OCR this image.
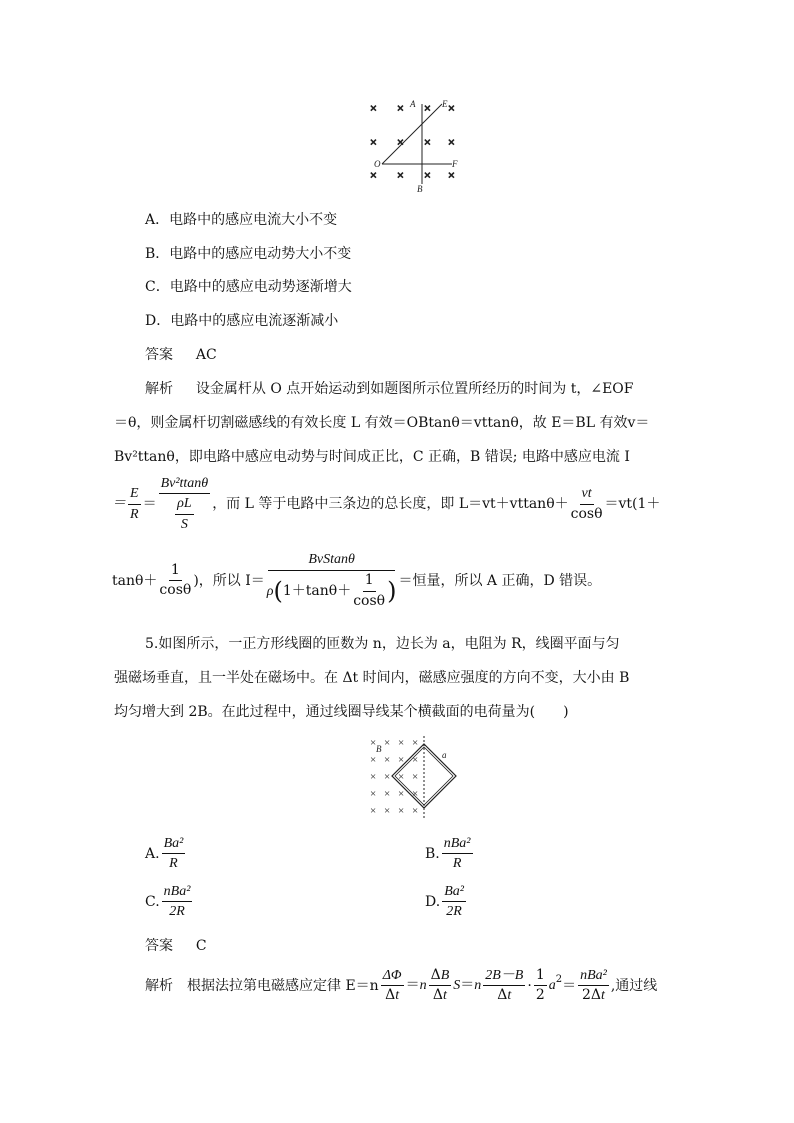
× × × ×
× × × ×
× × × ×
A	E
O	F
B
A．电路中的感应电流大小不变
B．电路中的感应电动势大小不变
C．电路中的感应电动势逐渐增大
D．电路中的感应电流逐渐减小
答案 AC
解析 设金属杆从 O 点开始运动到如题图所示位置所经历的时间为 t，∠EOF
＝θ，则金属杆切割磁感线的有效长度 L 有效＝OBtanθ＝vttanθ，故 E＝BL 有效v＝
Bv²ttanθ，即电路中感应电动势与时间成正比，C 正确，B 错误; 电路中感应电流 I
＝ $\frac{E}{R} = \frac{\text{Bv²ttanθ}}{\frac{\rho L}{S}}$ ，而 L 等于电路中三条边的总长度，即 $L=vt+vttan\theta+ \frac{vt}{\cos\theta} =vt(1+$
$\tan\theta+ \frac{1}{\cos\theta}$ ) ，所以 $I= \frac{\text{BvStanθ}}{\rho ( 1+\tan\theta+ \frac{1}{\cos\theta} )}$ ＝恒量，所以 A 正确，D 错误。
5.如图所示，一正方形线圈的匝数为 n，边长为 a，电阻为 R，线圈平面与匀
强磁场垂直，且一半处在磁场中。在 Δt 时间内，磁感应强度的方向不变，大小由 B
均匀增大到 2B。在此过程中，通过线圈导线某个横截面的电荷量为(　　)
× × × ×
× × × ×
× × × ×
× × × ×
× × × ×
B
a
A. $\frac{\text{Ba²}}{R}$	B. $\frac{\text{nBa²}}{R}$
C. $\frac{\text{nBa²}}{2R}$	D. $\frac{\text{Ba²}}{2R}$
答案 C
解析 根据法拉第电磁感应定律 $E=n \frac{\Delta\Phi}{\Delta t} =n \frac{\Delta B}{\Delta t}$ $S =n \frac{2B-B}{\Delta t} \cdot \frac{1}{2}$ a $2 = \frac{\text{nBa²}}{2\Delta t}$ ,通过线
